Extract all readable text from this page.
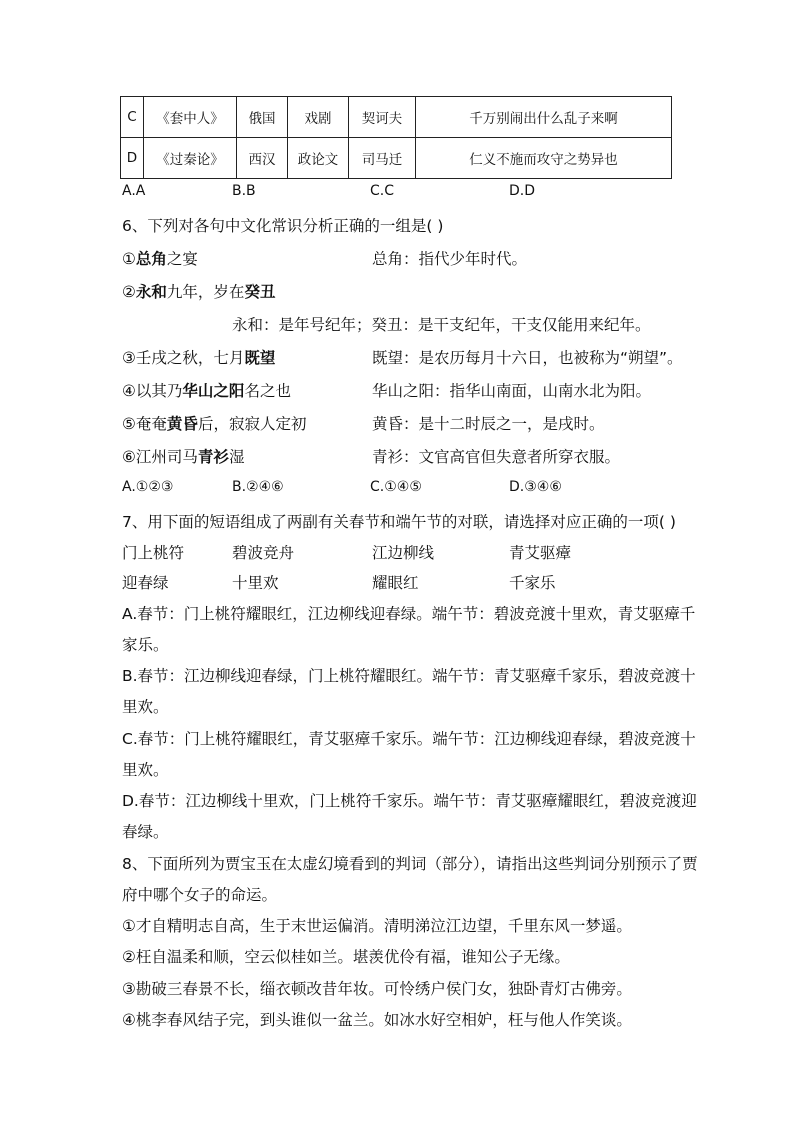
C	《套中人》	俄国	戏剧	契诃夫	千万别闹出什么乱子来啊
D	《过秦论》	西汉	政论文	司马迁	仁义不施而攻守之势异也
A.A	B.B	C.C	D.D
6、下列对各句中文化常识分析正确的一组是( )
①总角之宴	总角：指代少年时代。
②永和九年，岁在癸丑
永和：是年号纪年；癸丑：是干支纪年，干支仅能用来纪年。
③壬戌之秋，七月既望	既望：是农历每月十六日，也被称为“朔望”。
④以其乃华山之阳名之也	华山之阳：指华山南面，山南水北为阳。
⑤奄奄黄昏后，寂寂人定初	黄昏：是十二时辰之一，是戌时。
⑥江州司马青衫湿	青衫：文官高官但失意者所穿衣服。
A.①②③	B.②④⑥	C.①④⑤	D.③④⑥
7、用下面的短语组成了两副有关春节和端午节的对联，请选择对应正确的一项( )
门上桃符	碧波竞舟	江边柳线	青艾驱瘴
迎春绿	十里欢	耀眼红	千家乐
A.春节：门上桃符耀眼红，江边柳线迎春绿。端午节：碧波竞渡十里欢，青艾驱瘴千
家乐。
B.春节：江边柳线迎春绿，门上桃符耀眼红。端午节：青艾驱瘴千家乐，碧波竞渡十
里欢。
C.春节：门上桃符耀眼红，青艾驱瘴千家乐。端午节：江边柳线迎春绿，碧波竞渡十
里欢。
D.春节：江边柳线十里欢，门上桃符千家乐。端午节：青艾驱瘴耀眼红，碧波竞渡迎
春绿。
8、下面所列为贾宝玉在太虚幻境看到的判词（部分），请指出这些判词分别预示了贾
府中哪个女子的命运。
①才自精明志自高，生于末世运偏消。清明涕泣江边望，千里东风一梦遥。
②枉自温柔和顺，空云似桂如兰。堪羡优伶有福，谁知公子无缘。
③勘破三春景不长，缁衣顿改昔年妆。可怜绣户侯门女，独卧青灯古佛旁。
④桃李春风结子完，到头谁似一盆兰。如冰水好空相妒，枉与他人作笑谈。
